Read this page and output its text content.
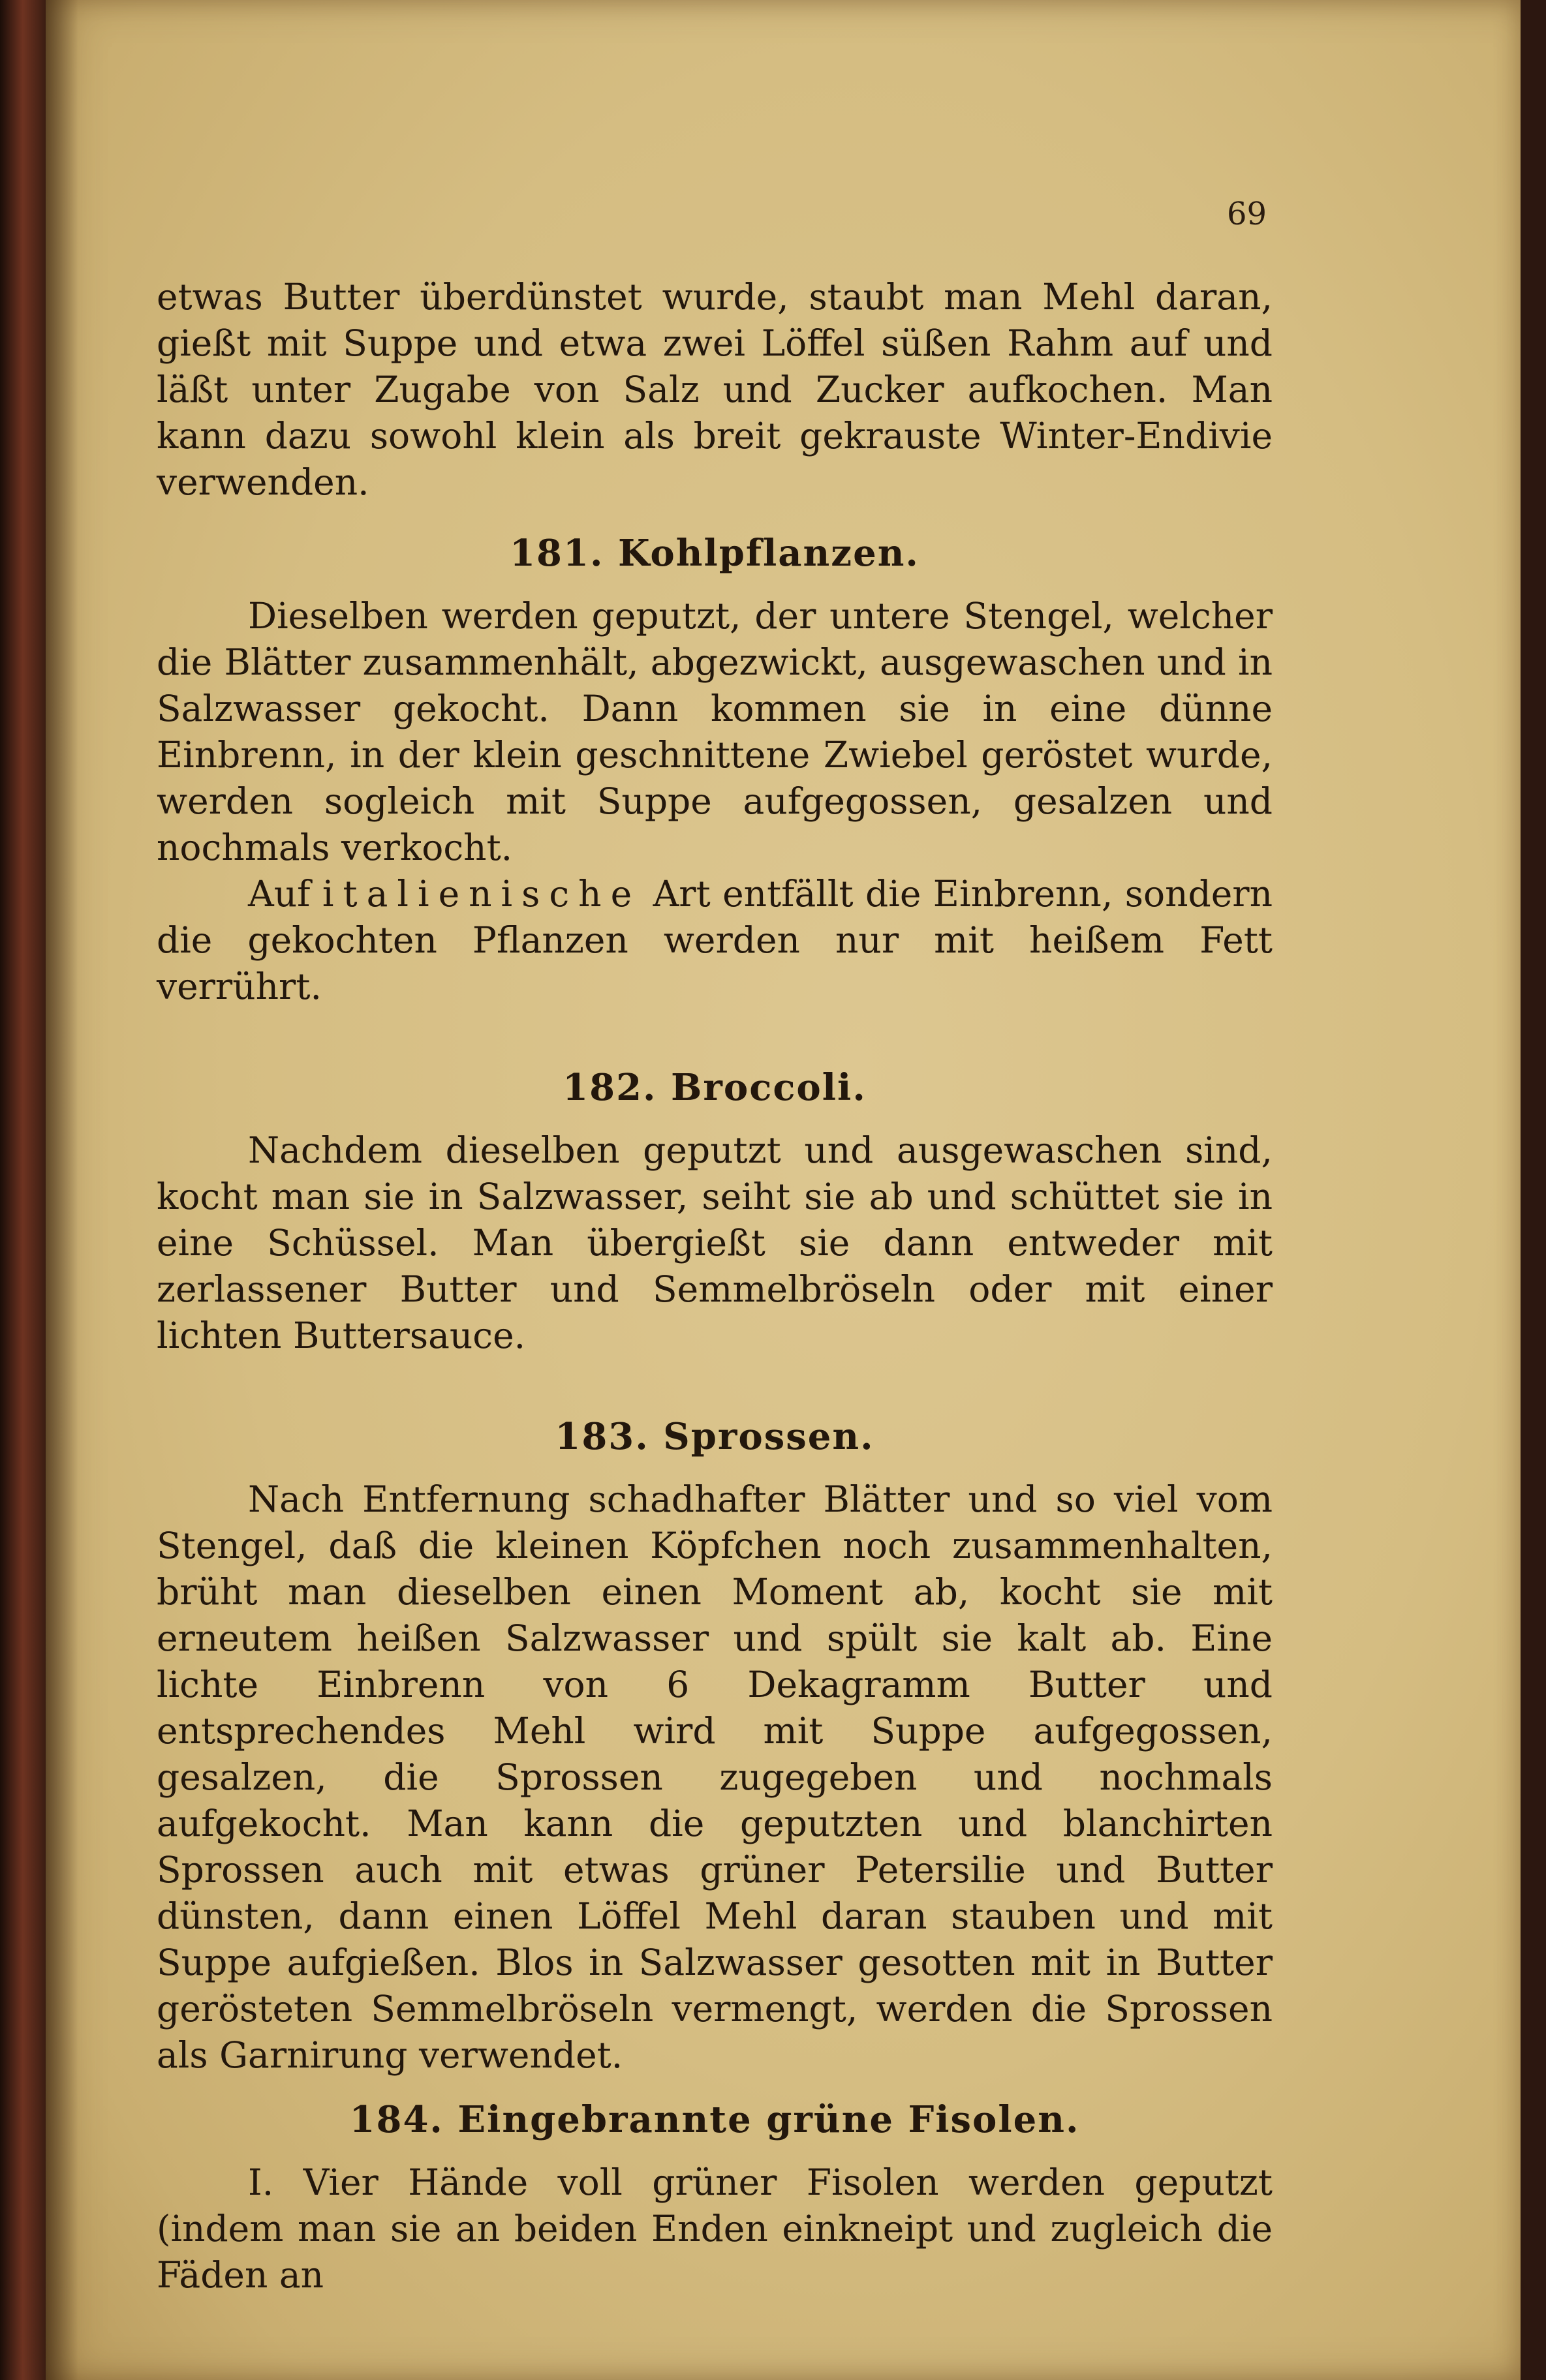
69

etwas Butter überdünstet wurde, staubt man Mehl daran, gießt mit Suppe und etwa zwei Löffel süßen Rahm auf und läßt unter Zugabe von Salz und Zucker aufkochen. Man kann dazu sowohl klein als breit gekrauste Winter-Endivie verwenden.

181. Kohlpflanzen.

Dieselben werden geputzt, der untere Stengel, welcher die Blätter zusammenhält, abgezwickt, ausgewaschen und in Salzwasser gekocht. Dann kommen sie in eine dünne Einbrenn, in der klein geschnittene Zwiebel geröstet wurde, werden sogleich mit Suppe aufgegossen, gesalzen und nochmals verkocht.

Auf italienische Art entfällt die Einbrenn, sondern die gekochten Pflanzen werden nur mit heißem Fett verrührt.

182. Broccoli.

Nachdem dieselben geputzt und ausgewaschen sind, kocht man sie in Salzwasser, seiht sie ab und schüttet sie in eine Schüssel. Man übergießt sie dann entweder mit zerlassener Butter und Semmelbröseln oder mit einer lichten Buttersauce.

183. Sprossen.

Nach Entfernung schadhafter Blätter und so viel vom Stengel, daß die kleinen Köpfchen noch zusammenhalten, brüht man dieselben einen Moment ab, kocht sie mit erneutem heißen Salzwasser und spült sie kalt ab. Eine lichte Einbrenn von 6 Dekagramm Butter und entsprechendes Mehl wird mit Suppe aufgegossen, gesalzen, die Sprossen zugegeben und nochmals aufgekocht. Man kann die geputzten und blanchirten Sprossen auch mit etwas grüner Petersilie und Butter dünsten, dann einen Löffel Mehl daran stauben und mit Suppe aufgießen. Blos in Salzwasser gesotten mit in Butter gerösteten Semmelbröseln vermengt, werden die Sprossen als Garnirung verwendet.

184. Eingebrannte grüne Fisolen.

I. Vier Hände voll grüner Fisolen werden geputzt (indem man sie an beiden Enden einkneipt und zugleich die Fäden an
